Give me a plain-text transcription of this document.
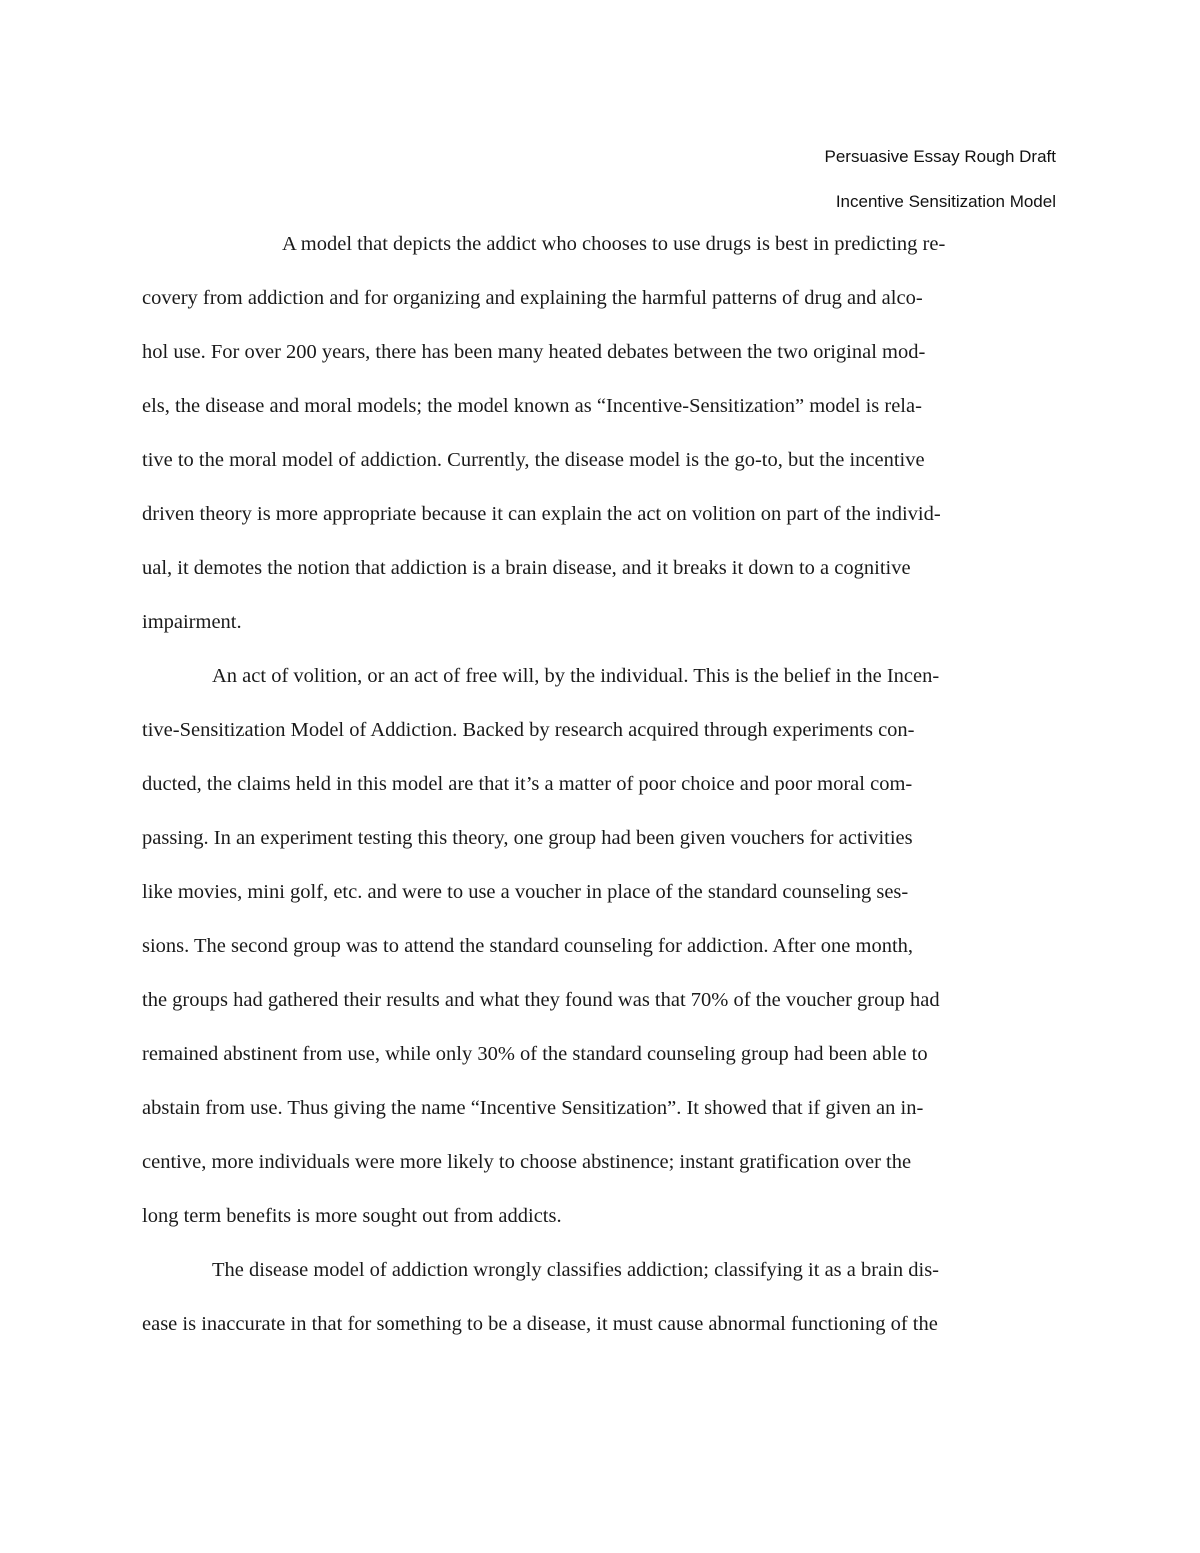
Persuasive Essay Rough Draft
Incentive Sensitization Model
A model that depicts the addict who chooses to use drugs is best in predicting re-
covery from addiction and for organizing and explaining the harmful patterns of drug and alco-
hol use. For over 200 years, there has been many heated debates between the two original mod-
els, the disease and moral models; the model known as “Incentive-Sensitization” model is rela-
tive to the moral model of addiction. Currently, the disease model is the go-to, but the incentive
driven theory is more appropriate because it can explain the act on volition on part of the individ-
ual, it demotes the notion that addiction is a brain disease, and it breaks it down to a cognitive
impairment.
An act of volition, or an act of free will, by the individual. This is the belief in the Incen-
tive-Sensitization Model of Addiction. Backed by research acquired through experiments con-
ducted, the claims held in this model are that it’s a matter of poor choice and poor moral com-
passing. In an experiment testing this theory, one group had been given vouchers for activities
like movies, mini golf, etc. and were to use a voucher in place of the standard counseling ses-
sions. The second group was to attend the standard counseling for addiction. After one month,
the groups had gathered their results and what they found was that 70% of the voucher group had
remained abstinent from use, while only 30% of the standard counseling group had been able to
abstain from use. Thus giving the name “Incentive Sensitization”. It showed that if given an in-
centive, more individuals were more likely to choose abstinence; instant gratification over the
long term benefits is more sought out from addicts.
The disease model of addiction wrongly classifies addiction; classifying it as a brain dis-
ease is inaccurate in that for something to be a disease, it must cause abnormal functioning of the
